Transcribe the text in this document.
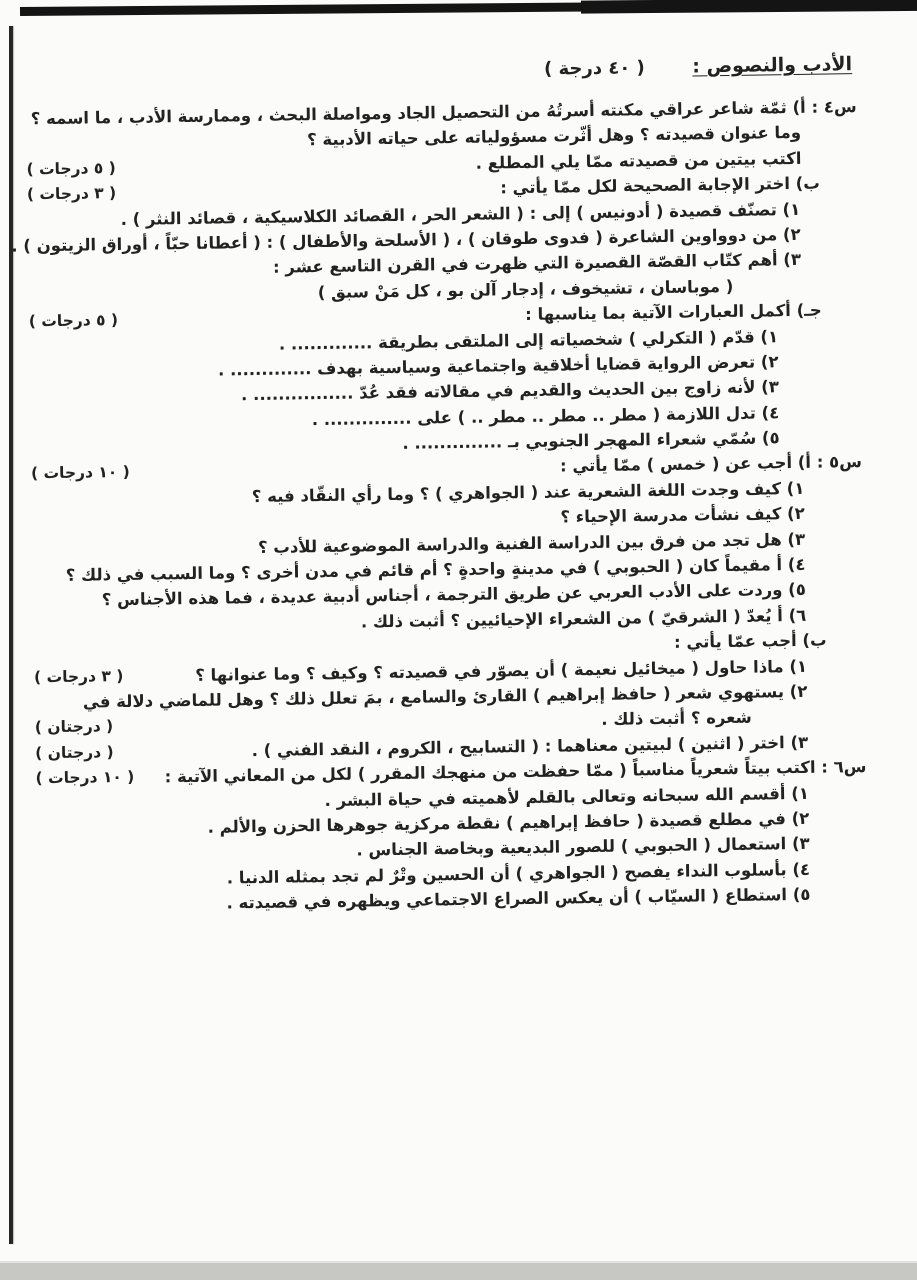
الأدب والنصوص : ( ٤٠ درجة )
س٤ : أ) ثمّة شاعر عراقي مكنته أسرتُهُ من التحصيل الجاد ومواصلة البحث ، وممارسة الأدب ، ما اسمه ؟
وما عنوان قصيدته ؟ وهل أثّرت مسؤولياته على حياته الأدبية ؟
اكتب بيتين من قصيدته ممّا يلي المطلع .
( ٥ درجات )
ب) اختر الإجابة الصحيحة لكل ممّا يأتي :
( ٣ درجات )
١) تصنّف قصيدة ( أدونيس ) إلى : ( الشعر الحر ، القصائد الكلاسيكية ، قصائد النثر ) .
٢) من دوواوين الشاعرة ( فدوى طوقان ) ، ( الأسلحة والأطفال ) : ( أعطانا حبّاً ، أوراق الزيتون ) .
٣) أهم كتّاب القصّة القصيرة التي ظهرت في القرن التاسع عشر :
( موباسان ، تشيخوف ، إدجار آلن بو ، كل مَنْ سبق )
جـ) أكمل العبارات الآتية بما يناسبها :
( ٥ درجات )
١) قدّم ( التكرلي ) شخصياته إلى الملتقى بطريقة ............. .
٢) تعرض الرواية قضايا أخلاقية واجتماعية وسياسية بهدف ............. .
٣) لأنه زاوج بين الحديث والقديم في مقالاته فقد عُدّ ................ .
٤) تدل اللازمة ( مطر .. مطر .. مطر .. ) على .............. .
٥) سُمّي شعراء المهجر الجنوبي بـ .............. .
س٥ : أ) أجب عن ( خمس ) ممّا يأتي :
( ١٠ درجات )
١) كيف وجدت اللغة الشعرية عند ( الجواهري ) ؟ وما رأي النقّاد فيه ؟
٢) كيف نشأت مدرسة الإحياء ؟
٣) هل تجد من فرق بين الدراسة الفنية والدراسة الموضوعية للأدب ؟
٤) أ مقيماً كان ( الحبوبي ) في مدينةٍ واحدةٍ ؟ أم قائم في مدن أخرى ؟ وما السبب في ذلك ؟
٥) وردت على الأدب العربي عن طريق الترجمة ، أجناس أدبية عديدة ، فما هذه الأجناس ؟
٦) أ يُعدّ ( الشرقيّ ) من الشعراء الإحيائيين ؟ أثبت ذلك .
ب) أجب عمّا يأتي :
١) ماذا حاول ( ميخائيل نعيمة ) أن يصوّر في قصيدته ؟ وكيف ؟ وما عنوانها ؟
( ٣ درجات )
٢) يستهوي شعر ( حافظ إبراهيم ) القارئ والسامع ، بمَ تعلل ذلك ؟ وهل للماضي دلالة في
شعره ؟ أثبت ذلك .
( درجتان )
٣) اختر ( اثنين ) لبيتين معناهما : ( التسابيح ، الكروم ، النقد الفني ) .
( درجتان )
س٦ : اكتب بيتاً شعرياً مناسباً ( ممّا حفظت من منهجك المقرر ) لكل من المعاني الآتية :
( ١٠ درجات )
١) أقسم الله سبحانه وتعالى بالقلم لأهميته في حياة البشر .
٢) في مطلع قصيدة ( حافظ إبراهيم ) نقطة مركزية جوهرها الحزن والألم .
٣) استعمال ( الحبوبي ) للصور البديعية وبخاصة الجناس .
٤) بأسلوب النداء يفصح ( الجواهري ) أن الحسين وتْرٌ لم تجد بمثله الدنيا .
٥) استطاع ( السيّاب ) أن يعكس الصراع الاجتماعي ويظهره في قصيدته .
